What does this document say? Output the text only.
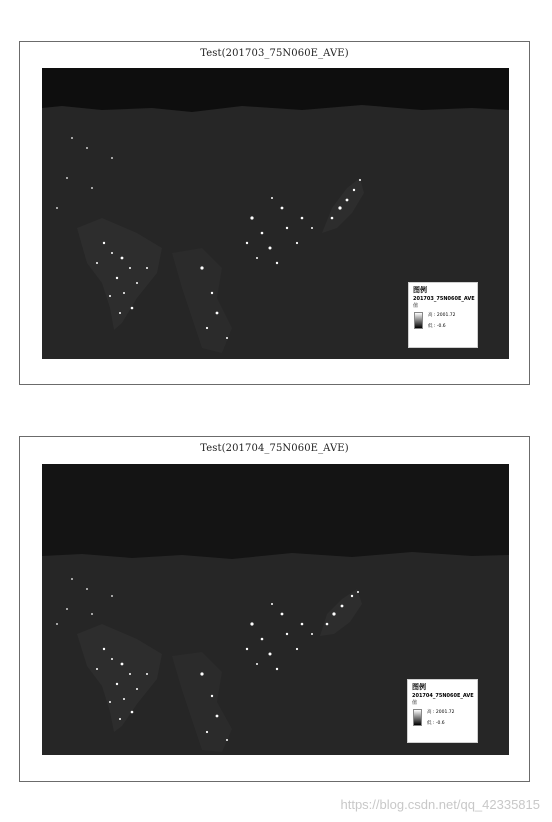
Test(201703_75N060E_AVE)
图例
201703_75N060E_AVE
值
高 : 2001.72
低 : -0.6
Test(201704_75N060E_AVE)
图例
201704_75N060E_AVE
值
高 : 2001.72
低 : -0.6
https://blog.csdn.net/qq_42335815
